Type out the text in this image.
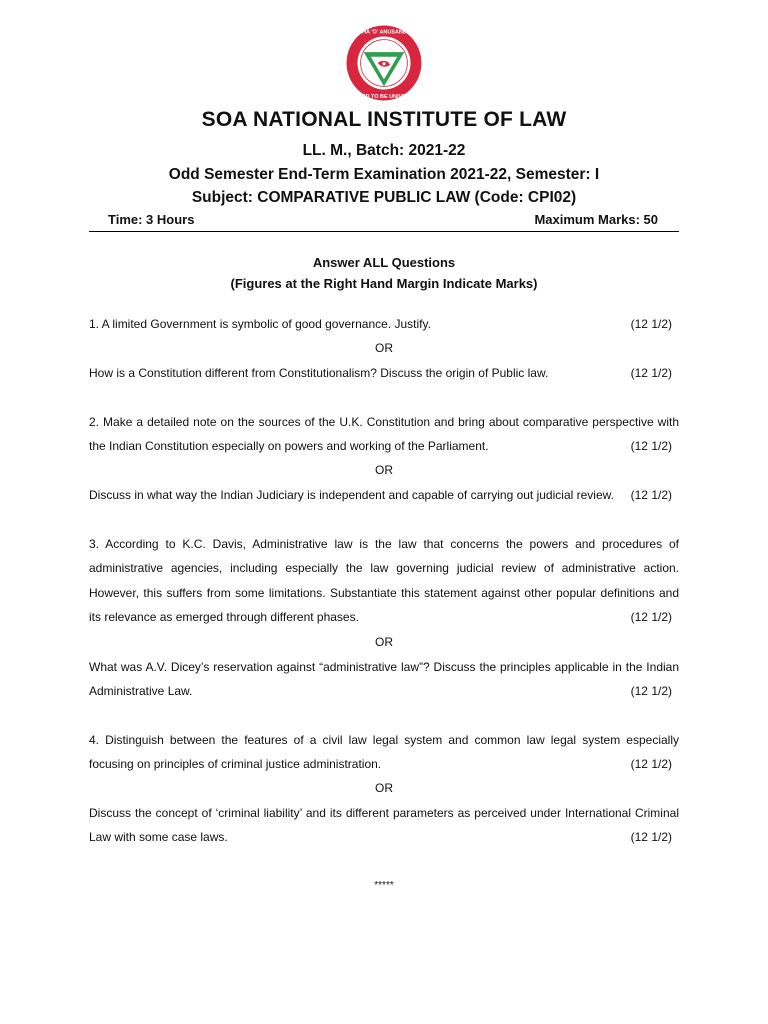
SIKSHA 'O' ANUSANDHAN
DEEMED TO BE UNIVERSITY
SOA NATIONAL INSTITUTE OF LAW
LL. M., Batch: 2021-22
Odd Semester End-Term Examination 2021-22, Semester: I
Subject: COMPARATIVE PUBLIC LAW (Code: CPI02)
Time: 3 Hours	Maximum Marks: 50
Answer ALL Questions
(Figures at the Right Hand Margin Indicate Marks)

1. A limited Government is symbolic of good governance. Justify.	(12 1/2)
OR

How is a Constitution different from Constitutionalism? Discuss the origin of Public law.	(12 1/2)

2. Make a detailed note on the sources of the U.K. Constitution and bring about comparative perspective with the Indian Constitution especially on powers and working of the Parliament.	(12 1/2)
OR

Discuss in what way the Indian Judiciary is independent and capable of carrying out judicial review.	(12 1/2)

3. According to K.C. Davis, Administrative law is the law that concerns the powers and procedures of administrative agencies, including especially the law governing judicial review of administrative action. However, this suffers from some limitations. Substantiate this statement against other popular definitions and its relevance as emerged through different phases.	(12 1/2)
OR

What was A.V. Dicey’s reservation against “administrative law”? Discuss the principles applicable in the Indian Administrative Law.	(12 1/2)

4. Distinguish between the features of a civil law legal system and common law legal system especially focusing on principles of criminal justice administration.	(12 1/2)
OR

Discuss the concept of ‘criminal liability’ and its different parameters as perceived under International Criminal Law with some case laws.	(12 1/2)
*****
